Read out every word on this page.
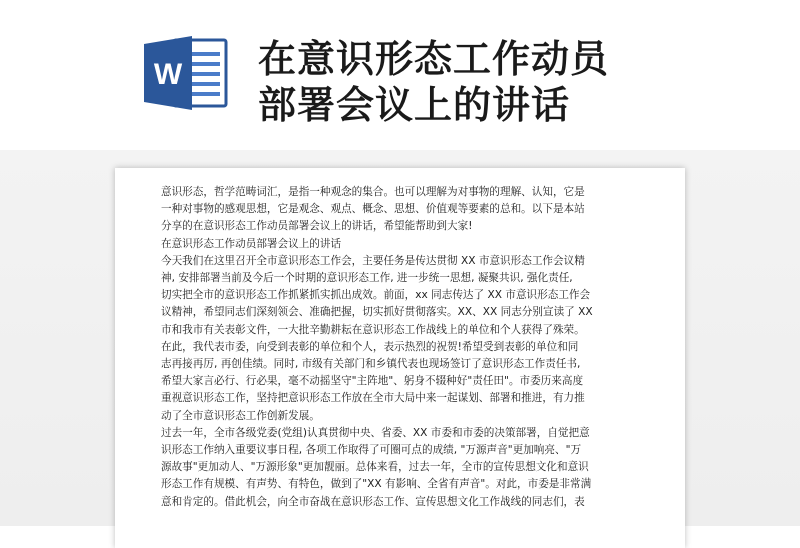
W 在意识形态工作动员
部署会议上的讲话

意识形态，哲学范畴词汇，是指一种观念的集合。也可以理解为对事物的理解、认知，它是

一种对事物的感观思想，它是观念、观点、概念、思想、价值观等要素的总和。以下是本站

分享的在意识形态工作动员部署会议上的讲话，希望能帮助到大家!

在意识形态工作动员部署会议上的讲话

今天我们在这里召开全市意识形态工作会，主要任务是传达贯彻 XX 市意识形态工作会议精

神, 安排部署当前及今后一个时期的意识形态工作, 进一步统一思想, 凝聚共识, 强化责任,

切实把全市的意识形态工作抓紧抓实抓出成效。前面，xx 同志传达了 XX 市意识形态工作会

议精神，希望同志们深刻领会、准确把握，切实抓好贯彻落实。XX、XX 同志分别宣读了 XX

市和我市有关表彰文件，一大批辛勤耕耘在意识形态工作战线上的单位和个人获得了殊荣。

在此，我代表市委，向受到表彰的单位和个人，表示热烈的祝贺!希望受到表彰的单位和同

志再接再厉, 再创佳绩。同时, 市级有关部门和乡镇代表也现场签订了意识形态工作责任书,

希望大家言必行、行必果，毫不动摇坚守"主阵地"、躬身不辍种好"责任田"。市委历来高度

重视意识形态工作，坚持把意识形态工作放在全市大局中来一起谋划、部署和推进，有力推

动了全市意识形态工作创新发展。

过去一年，全市各级党委(党组)认真贯彻中央、省委、XX 市委和市委的决策部署，自觉把意

识形态工作纳入重要议事日程, 各项工作取得了可圈可点的成绩, "万源声音"更加响亮、"万

源故事"更加动人、"万源形象"更加靓丽。总体来看，过去一年，全市的宣传思想文化和意识

形态工作有规模、有声势、有特色，做到了"XX 有影响、全省有声音"。对此，市委是非常满

意和肯定的。借此机会，向全市奋战在意识形态工作、宣传思想文化工作战线的同志们，表
